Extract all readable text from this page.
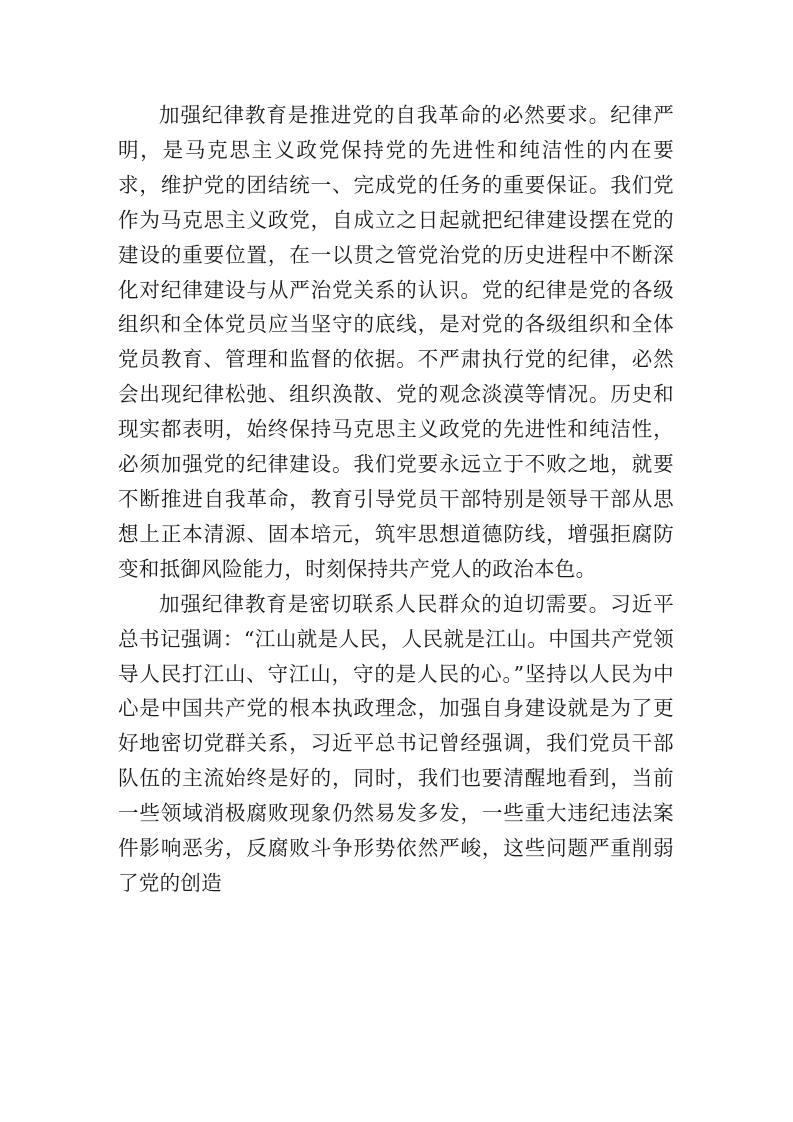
加强纪律教育是推进党的自我革命的必然要求。纪律严明，是马克思主义政党保持党的先进性和纯洁性的内在要求，维护党的团结统一、完成党的任务的重要保证。我们党作为马克思主义政党，自成立之日起就把纪律建设摆在党的建设的重要位置，在一以贯之管党治党的历史进程中不断深化对纪律建设与从严治党关系的认识。党的纪律是党的各级组织和全体党员应当坚守的底线，是对党的各级组织和全体党员教育、管理和监督的依据。不严肃执行党的纪律，必然会出现纪律松弛、组织涣散、党的观念淡漠等情况。历史和现实都表明，始终保持马克思主义政党的先进性和纯洁性，必须加强党的纪律建设。我们党要永远立于不败之地，就要不断推进自我革命，教育引导党员干部特别是领导干部从思想上正本清源、固本培元，筑牢思想道德防线，增强拒腐防变和抵御风险能力，时刻保持共产党人的政治本色。

加强纪律教育是密切联系人民群众的迫切需要。习近平总书记强调：“江山就是人民，人民就是江山。中国共产党领导人民打江山、守江山，守的是人民的心。”坚持以人民为中心是中国共产党的根本执政理念，加强自身建设就是为了更好地密切党群关系，习近平总书记曾经强调，我们党员干部队伍的主流始终是好的，同时，我们也要清醒地看到，当前一些领域消极腐败现象仍然易发多发，一些重大违纪违法案件影响恶劣，反腐败斗争形势依然严峻，这些问题严重削弱了党的创造
